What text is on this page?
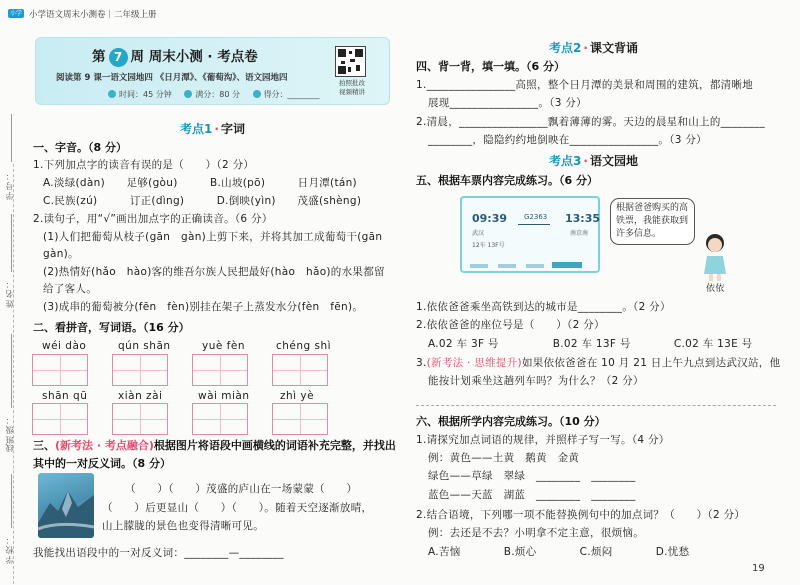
小学 小学语文周末小测卷｜二年级上册
学号：
姓名：
班级：
线
学校：
第 7 周 周末小测 · 考点卷
阅读第 9 课一语文园地四 《日月潭》、《葡萄沟》、语文园地四
时间：45 分钟	满分：80 分	得分：________
拍照批改
视频精讲
考点1 · 字词
一、字音。（8 分）
1.下列加点字的读音有误的是（　　）（2 分）
A.淡绿(dàn)　　足够(gòu)　　　B.山坡(pō)　　　日月潭(tán)
C.民族(zú)　　　订正(dìng)　　　D.倒映(yìn)　　茂盛(shèng)
2.读句子，用“√”画出加点字的正确读音。（6 分）
(1)人们把葡萄从枝子(gān　gàn)上剪下来，并将其加工成葡萄干(gān
gàn)。
(2)热情好(hǎo　hào)客的维吾尔族人民把最好(hào　hǎo)的水果都留
给了客人。
(3)成串的葡萄被分(fēn　fèn)别挂在架子上蒸发水分(fèn　fēn)。
二、看拼音，写词语。（16 分）
wéi dào	qún shān	yuè fèn	chéng shì
shān qū	xiàn zài	wài miàn	zhì yè
三、(新考法 · 考点融合)根据图片将语段中画横线的词语补充完整，并找出
其中的一对反义词。（8 分）
（　　）（　　）茂盛的庐山在一场蒙蒙（　　）
（　　）后更显山（　　）（　　）。随着天空逐渐放晴，
山上朦胧的景色也变得清晰可见。
我能找出语段中的一对反义词：________—________
考点2 · 课文背诵
四、背一背，填一填。（6 分）
1.________________高照，整个日月潭的美景和周围的建筑，都清晰地
展现________________。（3 分）
2.清晨，________________飘着薄薄的雾。天边的晨星和山上的________
________，隐隐约约地倒映在________________。（3 分）
考点3 · 语文园地
五、根据车票内容完成练习。（6 分）
09:39 G2363 13:35
武汉	南京南
12车 13F号
根据爸爸购买的高铁票，我能获取到许多信息。
依依
1.依依爸爸乘坐高铁到达的城市是________。（2 分）
2.依依爸爸的座位号是（　　）（2 分）
A.02 车 3F 号　　　　　B.02 车 13F 号　　　　C.02 车 13E 号
3.(新考法 · 思维提升)如果依依爸爸在 10 月 21 日上午九点到达武汉站，他
能按计划乘坐这趟列车吗？为什么？（2 分）
六、根据所学内容完成练习。（10 分）
1.请探究加点词语的规律，并照样子写一写。（4 分）
例：黄色——土黄　鹅黄　金黄
绿色——草绿　翠绿　________　________
蓝色——天蓝　湖蓝　________　________
2.结合语境，下列哪一项不能替换例句中的加点词？（　　）（2 分）
例：去还是不去？小明拿不定主意，很烦恼。
A.苦恼　　　　B.烦心　　　　C.烦闷　　　　D.忧愁
19
